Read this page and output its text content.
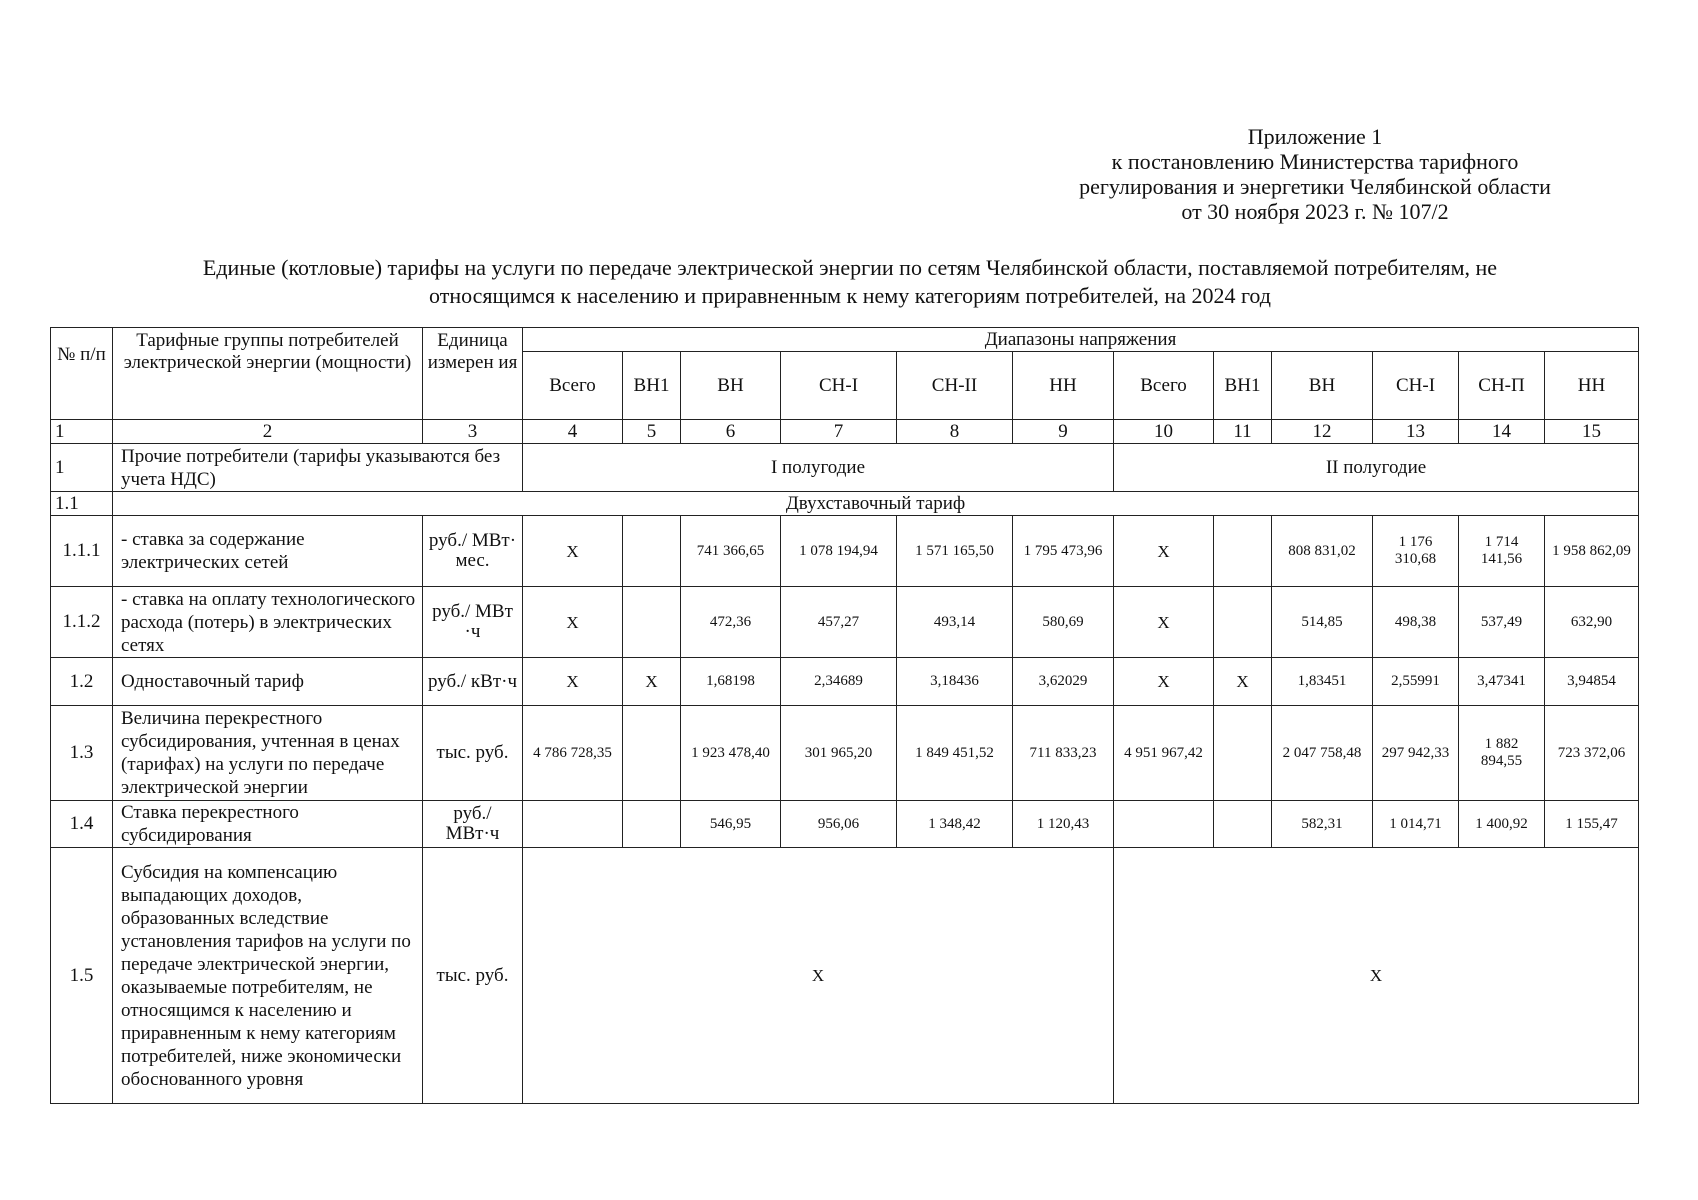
Приложение 1
к постановлению Министерства тарифного
регулирования и энергетики Челябинской области
от 30 ноября 2023 г. № 107/2
Единые (котловые) тарифы на услуги по передаче электрической энергии по сетям Челябинской области, поставляемой потребителям, не
относящимся к населению и приравненным к нему категориям потребителей, на 2024 год
№ п/п	Тарифные группы потребителей электрической энергии (мощности)	Единица измерен ия	Диапазоны напряжения											
			Всего	ВН1	ВН	СН-I	СН-II	НН	Всего	ВН1	ВН	СН-I	СН-П	НН
1	2	3	4	5	6	7	8	9	10	11	12	13	14	15
1	Прочие потребители (тарифы указываются без учета НДС)		I полугодие						II полугодие					
1.1	Двухставочный тариф													
1.1.1	- ставка за содержание электрических сетей	руб./ МВт· мес.	X		741 366,65	1 078 194,94	1 571 165,50	1 795 473,96	X		808 831,02	1 176 310,68	1 714 141,56	1 958 862,09
1.1.2	- ставка на оплату технологического расхода (потерь) в электрических сетях	руб./ МВт ·ч	X		472,36	457,27	493,14	580,69	X		514,85	498,38	537,49	632,90
1.2	Одноставочный тариф	руб./ кВт·ч	X	X	1,68198	2,34689	3,18436	3,62029	X	X	1,83451	2,55991	3,47341	3,94854
1.3	Величина перекрестного субсидирования, учтенная в ценах (тарифах) на услуги по передаче электрической энергии	тыс. руб.	4 786 728,35		1 923 478,40	301 965,20	1 849 451,52	711 833,23	4 951 967,42		2 047 758,48	297 942,33	1 882 894,55	723 372,06
1.4	Ставка перекрестного субсидирования	руб./ МВт·ч			546,95	956,06	1 348,42	1 120,43			582,31	1 014,71	1 400,92	1 155,47
1.5	Субсидия на компенсацию выпадающих доходов, образованных вследствие установления тарифов на услуги по передаче электрической энергии, оказываемые потребителям, не относящимся к населению и приравненным к нему категориям потребителей, ниже экономически обоснованного уровня	тыс. руб.	X						X					
